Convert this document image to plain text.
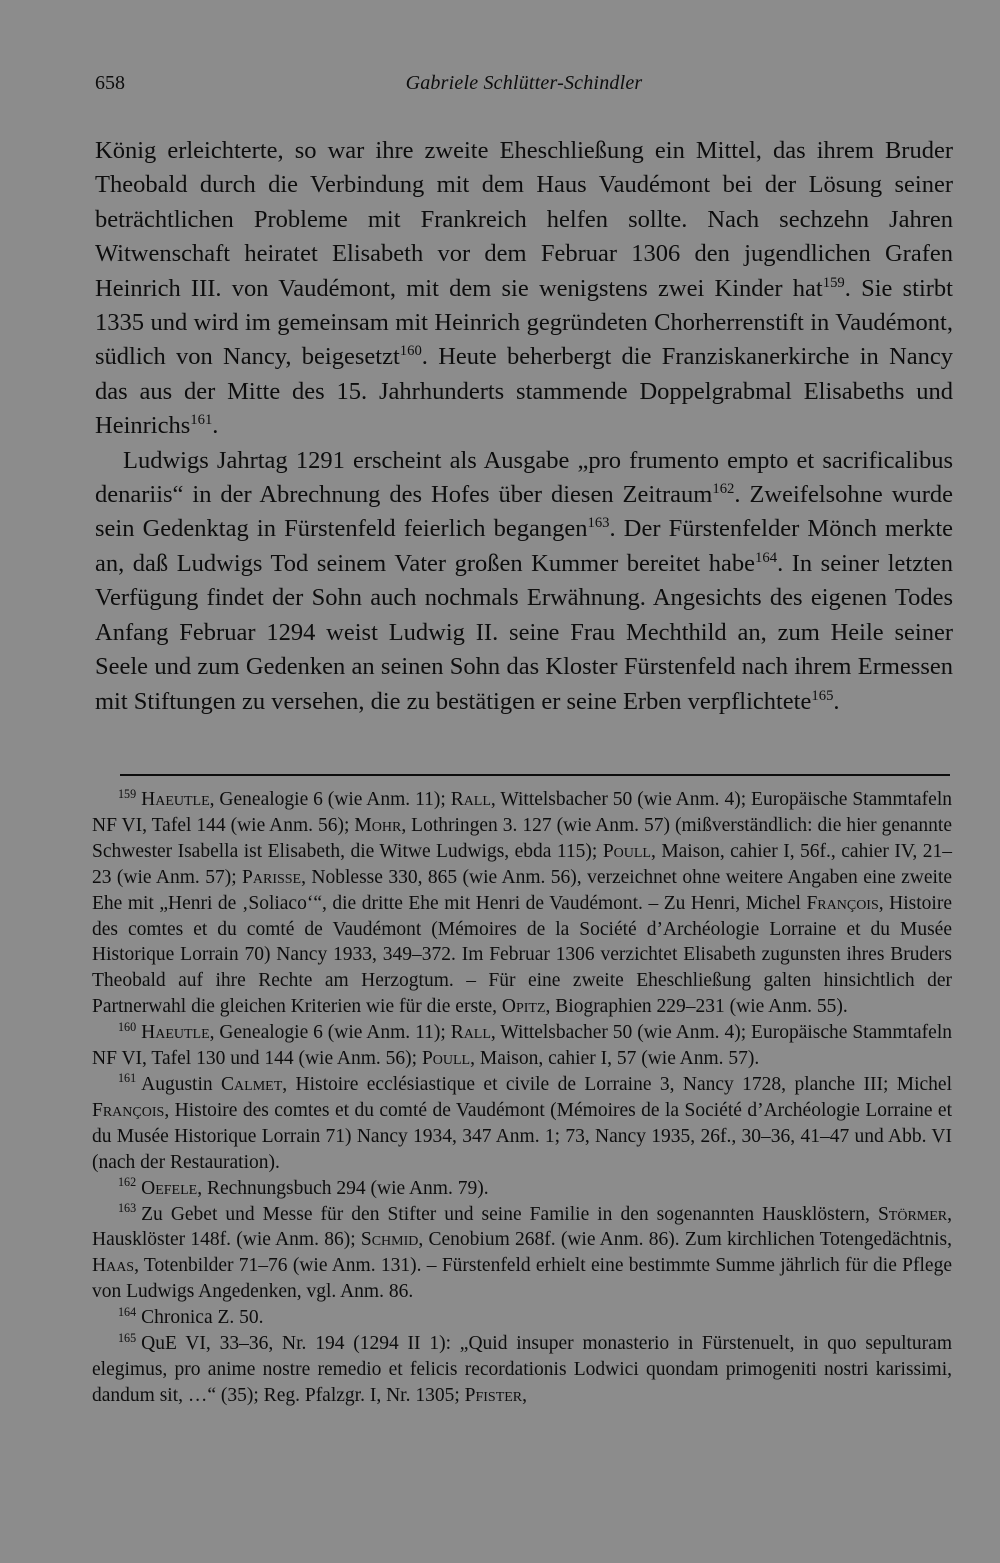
658	Gabriele Schlütter-Schindler

König erleichterte, so war ihre zweite Eheschließung ein Mittel, das ihrem Bruder Theobald durch die Verbindung mit dem Haus Vaudémont bei der Lösung seiner beträchtlichen Probleme mit Frankreich helfen sollte. Nach sechzehn Jahren Witwenschaft heiratet Elisabeth vor dem Februar 1306 den jugendlichen Grafen Heinrich III. von Vaudémont, mit dem sie wenigstens zwei Kinder hat$^{159}$. Sie stirbt 1335 und wird im gemeinsam mit Heinrich gegründeten Chorherrenstift in Vaudémont, südlich von Nancy, beigesetzt$^{160}$. Heute beherbergt die Franziskanerkirche in Nancy das aus der Mitte des 15. Jahrhunderts stammende Doppelgrabmal Elisabeths und Heinrichs$^{161}$.

Ludwigs Jahrtag 1291 erscheint als Ausgabe „pro frumento empto et sacrificalibus denariis“ in der Abrechnung des Hofes über diesen Zeitraum$^{162}$. Zweifelsohne wurde sein Gedenktag in Fürstenfeld feierlich begangen$^{163}$. Der Fürstenfelder Mönch merkte an, daß Ludwigs Tod seinem Vater großen Kummer bereitet habe$^{164}$. In seiner letzten Verfügung findet der Sohn auch nochmals Erwähnung. Angesichts des eigenen Todes Anfang Februar 1294 weist Ludwig II. seine Frau Mechthild an, zum Heile seiner Seele und zum Gedenken an seinen Sohn das Kloster Fürstenfeld nach ihrem Ermessen mit Stiftungen zu versehen, die zu bestätigen er seine Erben verpflichtete$^{165}$.

$^{159}$ Haeutle, Genealogie 6 (wie Anm. 11); Rall, Wittelsbacher 50 (wie Anm. 4); Europäische Stammtafeln NF VI, Tafel 144 (wie Anm. 56); Mohr, Lothringen 3. 127 (wie Anm. 57) (mißverständlich: die hier genannte Schwester Isabella ist Elisabeth, die Witwe Ludwigs, ebda 115); Poull, Maison, cahier I, 56f., cahier IV, 21–23 (wie Anm. 57); Parisse, Noblesse 330, 865 (wie Anm. 56), verzeichnet ohne weitere Angaben eine zweite Ehe mit „Henri de ‚Soliaco‘“, die dritte Ehe mit Henri de Vaudémont. – Zu Henri, Michel François, Histoire des comtes et du comté de Vaudémont (Mémoires de la Société d’Archéologie Lorraine et du Musée Historique Lorrain 70) Nancy 1933, 349–372. Im Februar 1306 verzichtet Elisabeth zugunsten ihres Bruders Theobald auf ihre Rechte am Herzogtum. – Für eine zweite Eheschließung galten hinsichtlich der Partnerwahl die gleichen Kriterien wie für die erste, Opitz, Biographien 229–231 (wie Anm. 55).

$^{160}$ Haeutle, Genealogie 6 (wie Anm. 11); Rall, Wittelsbacher 50 (wie Anm. 4); Europäische Stammtafeln NF VI, Tafel 130 und 144 (wie Anm. 56); Poull, Maison, cahier I, 57 (wie Anm. 57).

$^{161}$ Augustin Calmet, Histoire ecclésiastique et civile de Lorraine 3, Nancy 1728, planche III; Michel François, Histoire des comtes et du comté de Vaudémont (Mémoires de la Société d’Archéologie Lorraine et du Musée Historique Lorrain 71) Nancy 1934, 347 Anm. 1; 73, Nancy 1935, 26f., 30–36, 41–47 und Abb. VI (nach der Restauration).

$^{162}$ Oefele, Rechnungsbuch 294 (wie Anm. 79).

$^{163}$ Zu Gebet und Messe für den Stifter und seine Familie in den sogenannten Hausklöstern, Störmer, Hausklöster 148f. (wie Anm. 86); Schmid, Cenobium 268f. (wie Anm. 86). Zum kirchlichen Totengedächtnis, Haas, Totenbilder 71–76 (wie Anm. 131). – Fürstenfeld erhielt eine bestimmte Summe jährlich für die Pflege von Ludwigs Angedenken, vgl. Anm. 86.

$^{164}$ Chronica Z. 50.

$^{165}$ QuE VI, 33–36, Nr. 194 (1294 II 1): „Quid insuper monasterio in Fürstenuelt, in quo sepulturam elegimus, pro anime nostre remedio et felicis recordationis Lodwici quondam primogeniti nostri karissimi, dandum sit, …“ (35); Reg. Pfalzgr. I, Nr. 1305; Pfister,
